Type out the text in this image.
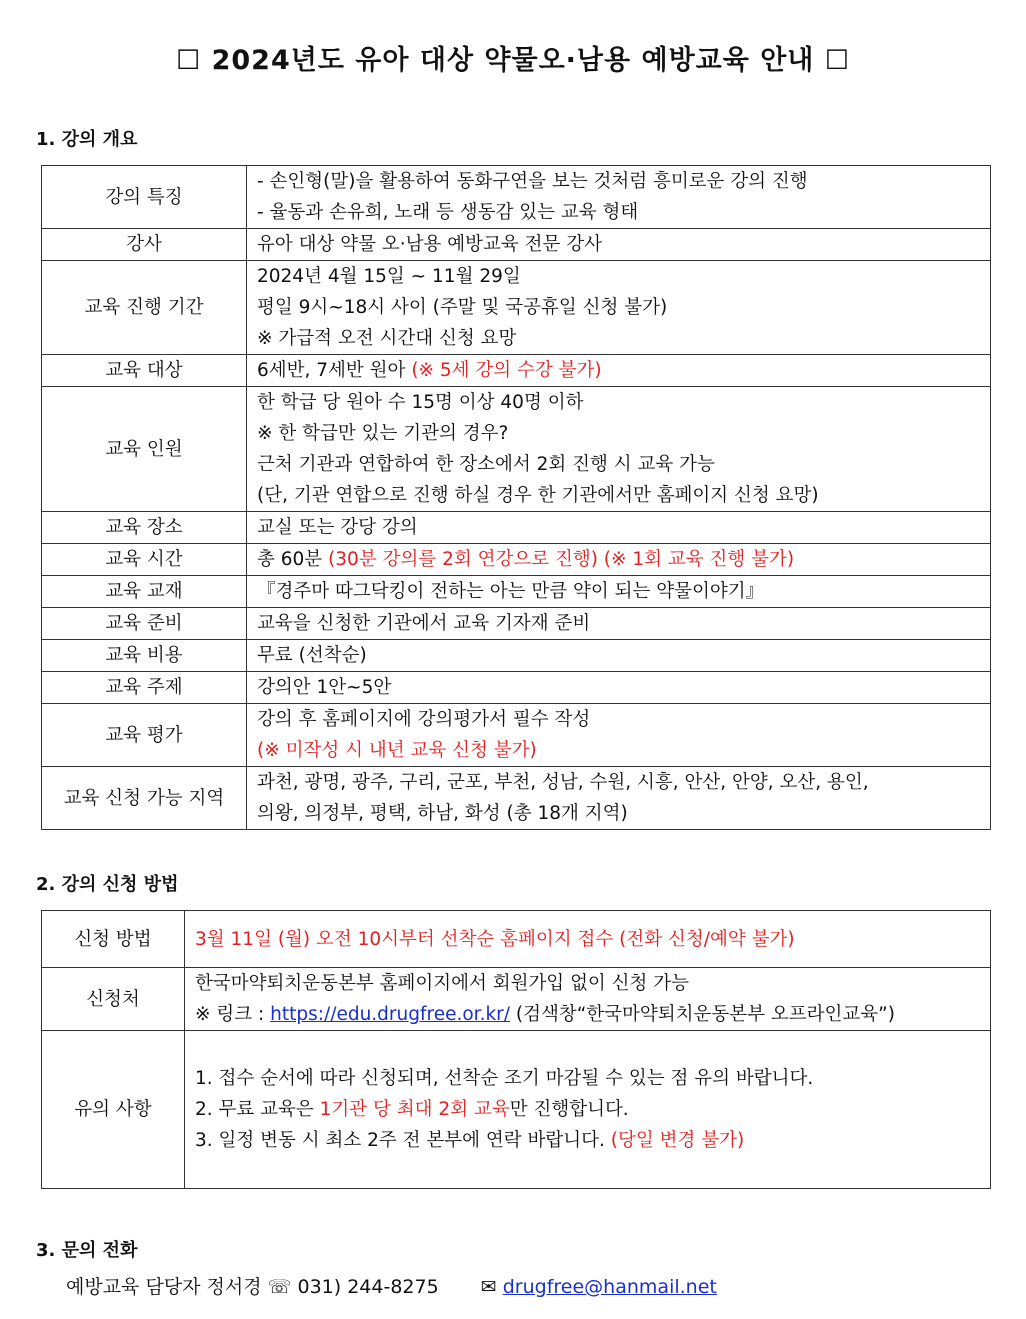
☐ 2024년도 유아 대상 약물오·남용 예방교육 안내 ☐
1. 강의 개요
강의 특징	- 손인형(말)을 활용하여 동화구연을 보는 것처럼 흥미로운 강의 진행
- 율동과 손유희, 노래 등 생동감 있는 교육 형태

강사	유아 대상 약물 오·남용 예방교육 전문 강사
교육 진행 기간	2024년 4월 15일 ~ 11월 29일
평일 9시~18시 사이 (주말 및 국공휴일 신청 불가)
※ 가급적 오전 시간대 신청 요망

교육 대상	6세반, 7세반 원아 (※ 5세 강의 수강 불가)
교육 인원	한 학급 당 원아 수 15명 이상 40명 이하
※ 한 학급만 있는 기관의 경우?
근처 기관과 연합하여 한 장소에서 2회 진행 시 교육 가능
(단, 기관 연합으로 진행 하실 경우 한 기관에서만 홈페이지 신청 요망)

교육 장소	교실 또는 강당 강의
교육 시간	총 60분 (30분 강의를 2회 연강으로 진행) (※ 1회 교육 진행 불가)
교육 교재	『경주마 따그닥킹이 전하는 아는 만큼 약이 되는 약물이야기』
교육 준비	교육을 신청한 기관에서 교육 기자재 준비
교육 비용	무료 (선착순)
교육 주제	강의안 1안~5안
교육 평가	강의 후 홈페이지에 강의평가서 필수 작성
(※ 미작성 시 내년 교육 신청 불가)

교육 신청 가능 지역	과천, 광명, 광주, 구리, 군포, 부천, 성남, 수원, 시흥, 안산, 안양, 오산, 용인,
의왕, 의정부, 평택, 하남, 화성 (총 18개 지역)
2. 강의 신청 방법
신청 방법	3월 11일 (월) 오전 10시부터 선착순 홈페이지 접수 (전화 신청/예약 불가)
신청처	한국마약퇴치운동본부 홈페이지에서 회원가입 없이 신청 가능
※ 링크 : https://edu.drugfree.or.kr/ (검색창“한국마약퇴치운동본부 오프라인교육”)

유의 사항	1. 접수 순서에 따라 신청되며, 선착순 조기 마감될 수 있는 점 유의 바랍니다.
2. 무료 교육은 1기관 당 최대 2회 교육만 진행합니다.
3. 일정 변동 시 최소 2주 전 본부에 연락 바랍니다. (당일 변경 불가)
3. 문의 전화
예방교육 담당자 정서경 ☏ 031) 244-8275 ✉ drugfree@hanmail.net
